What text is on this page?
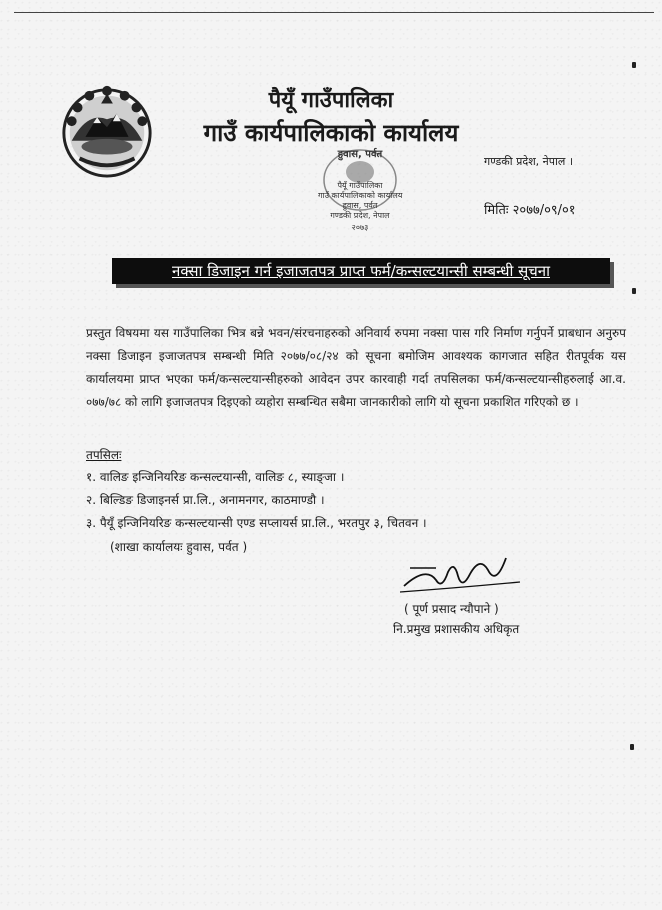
पैयूँ गाउँपालिका
गाउँ कार्यपालिकाको कार्यालय
हुवास, पर्वत
पैयूँ गाउँपालिका
गाउँ कार्यपालिकाको कार्यालय
हुवास, पर्वत
गण्डकी प्रदेश, नेपाल
२०७३
गण्डकी प्रदेश, नेपाल ।
मितिः २०७७/०९/०१
नक्सा डिजाइन गर्न इजाजतपत्र प्राप्त फर्म/कन्सल्टयान्सी सम्बन्धी सूचना
प्रस्तुत विषयमा यस गाउँपालिका भित्र बन्ने भवन/संरचनाहरुको अनिवार्य रुपमा नक्सा पास गरि निर्माण गर्नुपर्ने प्राबधान अनुरुप नक्सा डिजाइन इजाजतपत्र सम्बन्धी मिति २०७७/०८/२४ को सूचना बमोजिम आवश्यक कागजात सहित रीतपूर्वक यस कार्यालयमा प्राप्त भएका फर्म/कन्सल्टयान्सीहरुको आवेदन उपर कारवाही गर्दा तपसिलका फर्म/कन्सल्टयान्सीहरुलाई आ.व. ०७७/७८ को लागि इजाजतपत्र दिइएको व्यहोरा सम्बन्धित सबैमा जानकारीको लागि यो सूचना प्रकाशित गरिएको छ ।
तपसिलः
१. वालिङ इन्जिनियरिङ कन्सल्टयान्सी, वालिङ ८, स्याङ्जा ।
२. बिल्डिङ डिजाइनर्स प्रा.लि., अनामनगर, काठमाण्डौ ।
३. पैयूँ इन्जिनियरिङ कन्सल्टयान्सी एण्ड सप्लायर्स प्रा.लि., भरतपुर ३, चितवन ।
(शाखा कार्यालयः हुवास, पर्वत )
( पूर्ण प्रसाद न्यौपाने )
नि.प्रमुख प्रशासकीय अधिकृत
